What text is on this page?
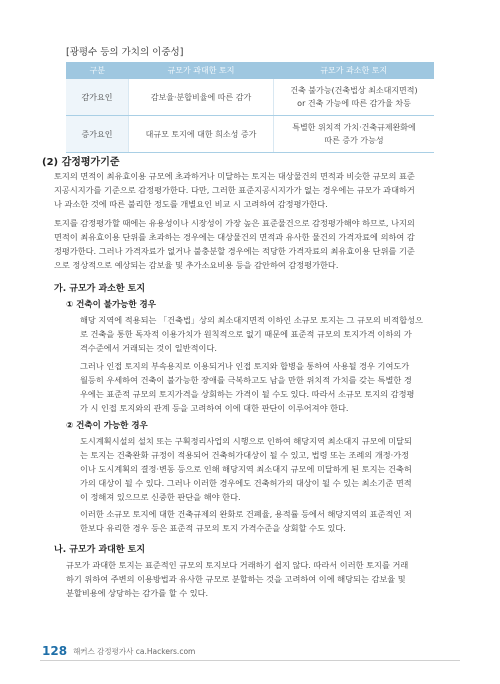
[광평수 등의 가치의 이중성]
구분	규모가 과대한 토지	규모가 과소한 토지
감가요인	감보율·분합비율에 따른 감가	건축 불가능(건축법상 최소대지면적)
or 건축 가능에 따른 감가율 차등

증가요인	대규모 토지에 대한 희소성 증가	특별한 위치적 가치·건축규제완화에
따른 증가 가능성
(2) 감정평가기준
토지의 면적이 최유효이용 규모에 초과하거나 미달하는 토지는 대상물건의 면적과 비슷한 규모의 표준
지공시지가를 기준으로 감정평가한다. 다만, 그러한 표준지공시지가가 없는 경우에는 규모가 과대하거
나 과소한 것에 따른 불리한 정도를 개별요인 비교 시 고려하여 감정평가한다.
토지를 감정평가할 때에는 유용성이나 시장성이 가장 높은 표준물건으로 감정평가해야 하므로, 나지의
면적이 최유효이용 단위를 초과하는 경우에는 대상물건의 면적과 유사한 물건의 가격자료에 의하여 감
정평가한다. 그러나 가격자료가 없거나 불충분할 경우에는 적당한 가격자료의 최유효이용 단위를 기준
으로 정상적으로 예상되는 감보율 및 추가소요비용 등을 감안하여 감정평가한다.
가. 규모가 과소한 토지
① 건축이 불가능한 경우
해당 지역에 적용되는 「건축법」상의 최소대지면적 이하인 소규모 토지는 그 규모의 비적합성으
로 건축을 통한 독자적 이용가치가 원칙적으로 없기 때문에 표준적 규모의 토지가격 이하의 가
격수준에서 거래되는 것이 일반적이다.
그러나 인접 토지의 부속용지로 이용되거나 인접 토지와 합병을 통하여 사용될 경우 기여도가
월등히 우세하여 건축이 불가능한 장애를 극복하고도 남을 만한 위치적 가치를 갖는 특별한 경
우에는 표준적 규모의 토지가격을 상회하는 가격이 될 수도 있다. 따라서 소규모 토지의 감정평
가 시 인접 토지와의 관계 등을 고려하여 이에 대한 판단이 이루어져야 한다.
② 건축이 가능한 경우
도시계획시설의 설치 또는 구획정리사업의 시행으로 인하여 해당지역 최소대지 규모에 미달되
는 토지는 건축완화 규정이 적용되어 건축허가대상이 될 수 있고, 법령 또는 조례의 개정·가정
이나 도시계획의 결정·변동 등으로 인해 해당지역 최소대지 규모에 미달하게 된 토지는 건축허
가의 대상이 될 수 있다. 그러나 이러한 경우에도 건축허가의 대상이 될 수 있는 최소기준 면적
이 정해져 있으므로 신중한 판단을 해야 한다.
이러한 소규모 토지에 대한 건축규제의 완화로 건폐율, 용적률 등에서 해당지역의 표준적인 저
한보다 유리한 경우 등은 표준적 규모의 토지 가격수준을 상회할 수도 있다.
나. 규모가 과대한 토지
규모가 과대한 토지는 표준적인 규모의 토지보다 거래하기 쉽지 않다. 따라서 이러한 토지를 거래
하기 위하여 주변의 이용방법과 유사한 규모로 분할하는 것을 고려하여 이에 해당되는 감보율 및
분할비용에 상당하는 감가를 할 수 있다.
128 해커스 감정평가사 ca.Hackers.com
